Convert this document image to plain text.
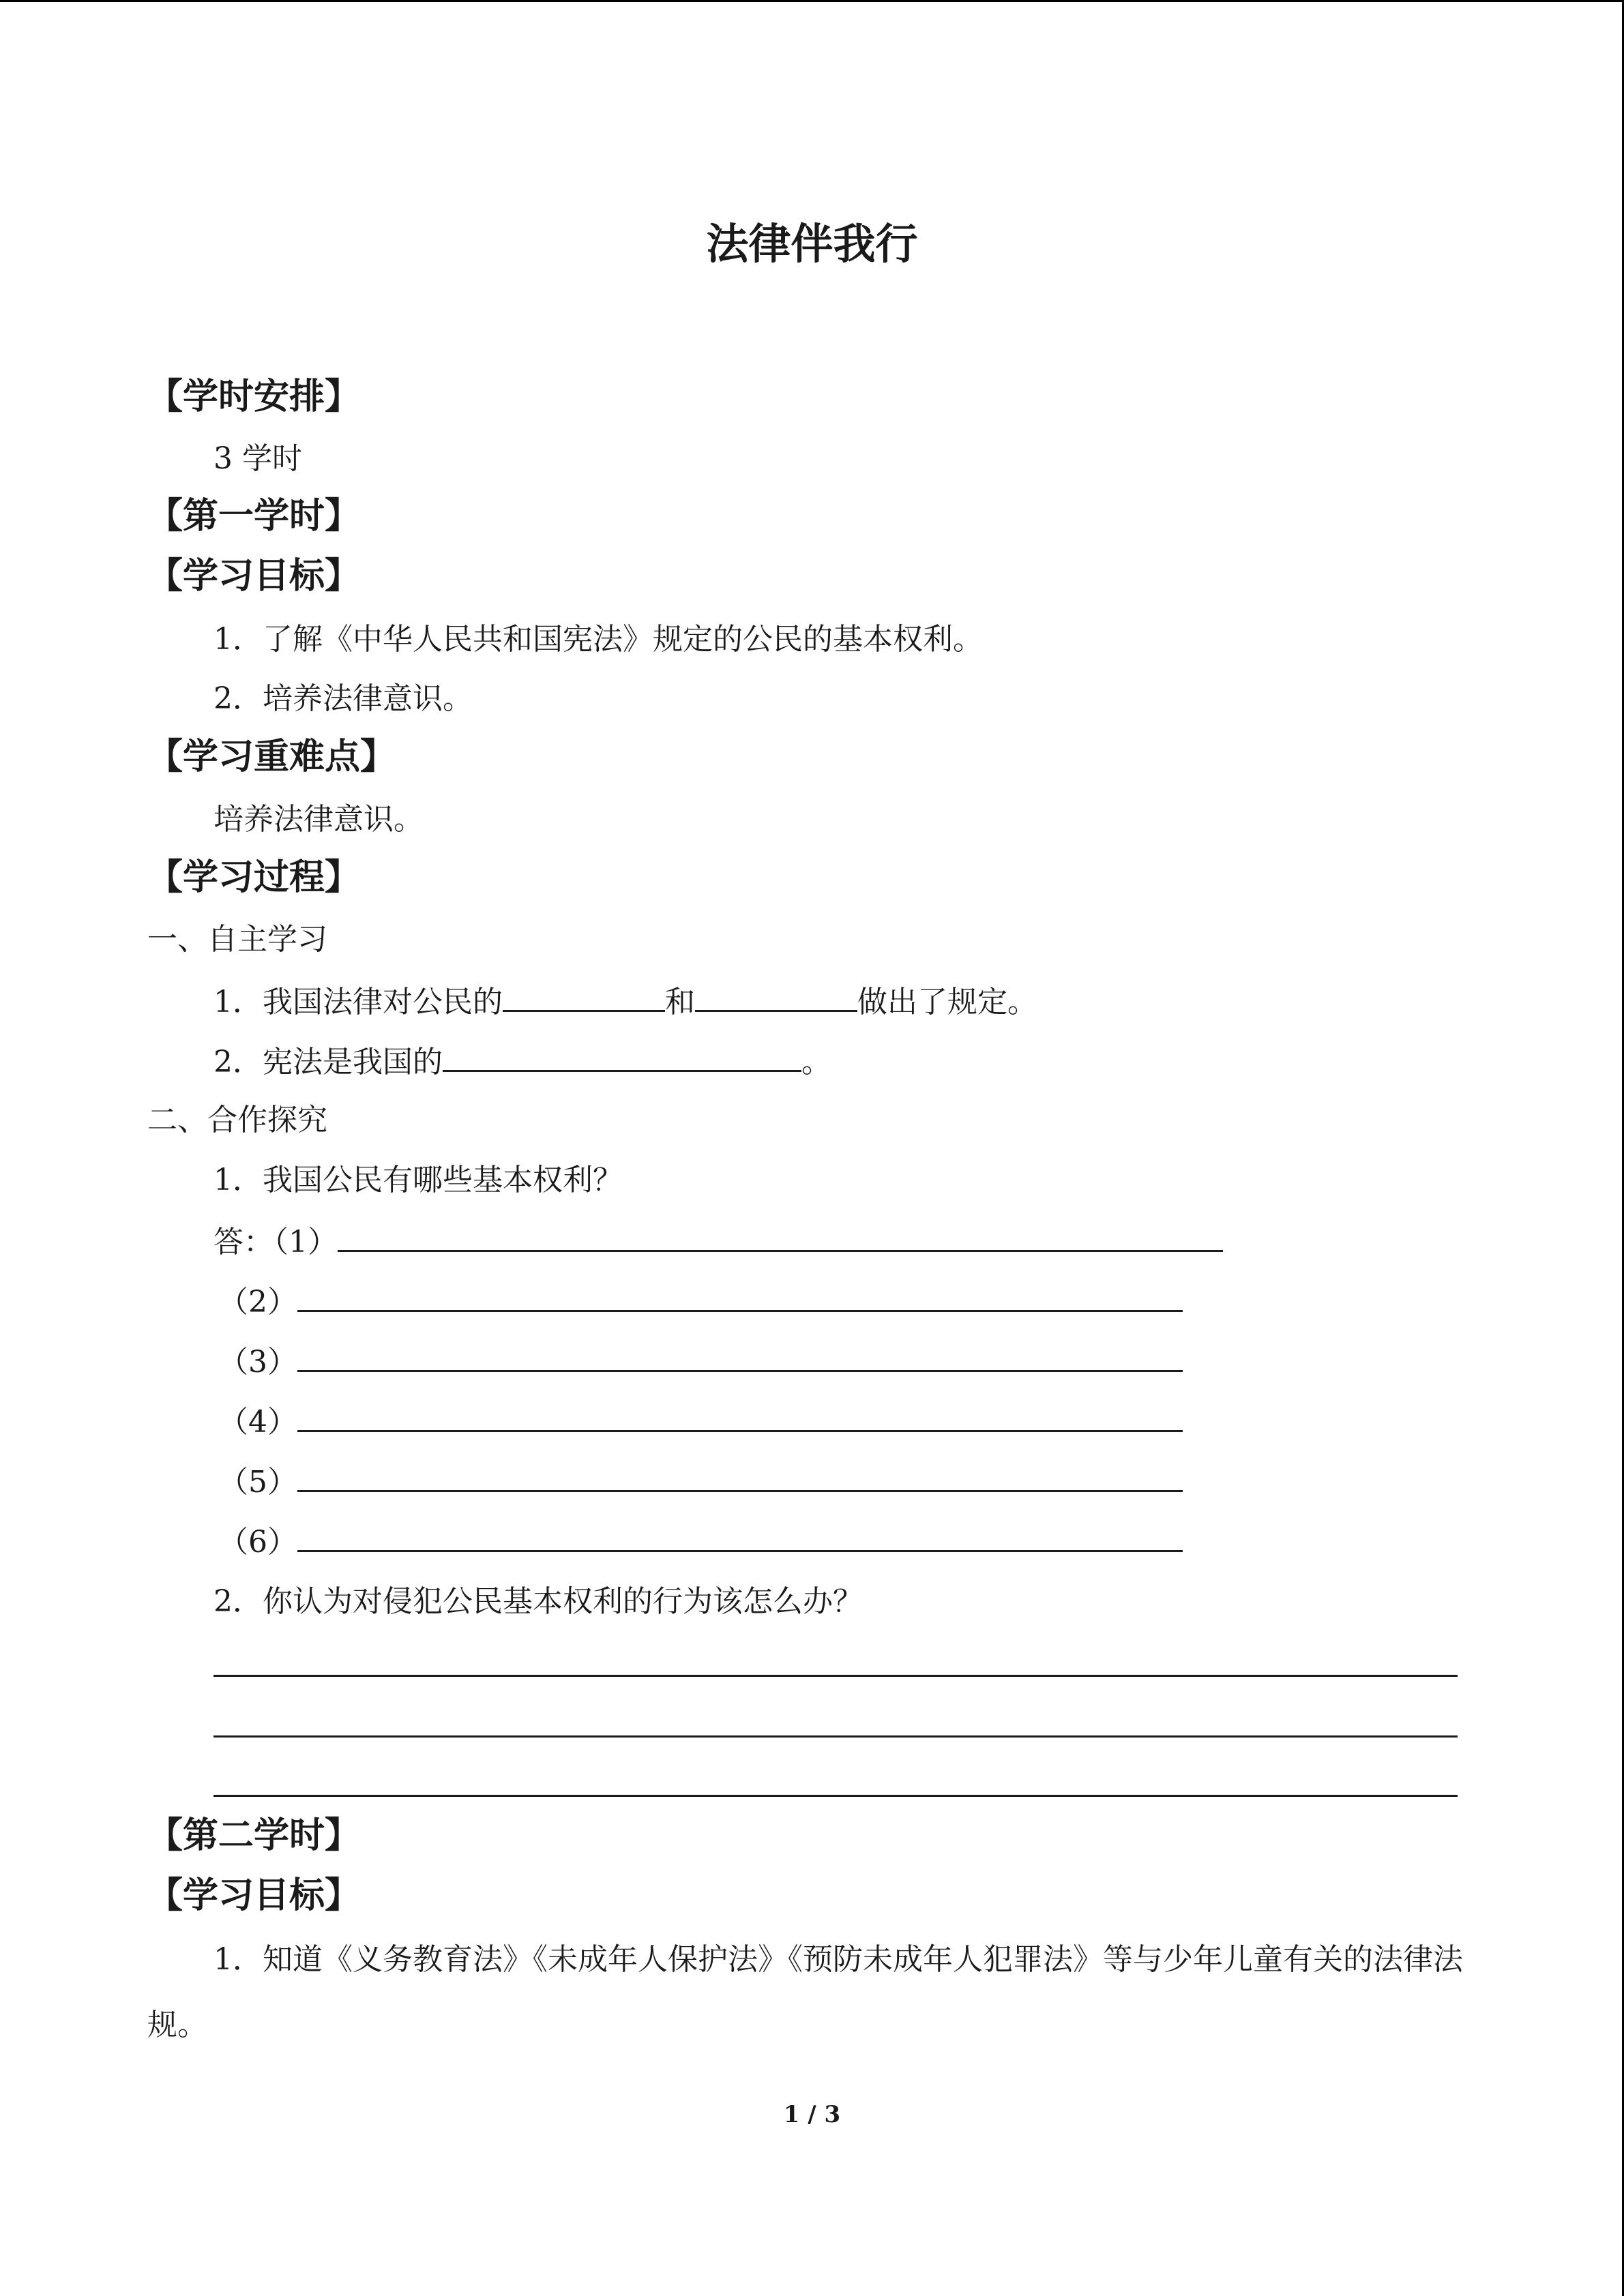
法律伴我行
【学时安排】
3 学时
【第一学时】
【学习目标】
1．了解《中华人民共和国宪法》规定的公民的基本权利。
2．培养法律意识。
【学习重难点】
培养法律意识。
【学习过程】
一、自主学习
1．我国法律对公民的	和	做出了规定。
2．宪法是我国的	。
二、合作探究
1．我国公民有哪些基本权利？
答：（1）
（2）
（3）
（4）
（5）
（6）
2．你认为对侵犯公民基本权利的行为该怎么办？
【第二学时】
【学习目标】
1．知道《义务教育法》《未成年人保护法》《预防未成年人犯罪法》等与少年儿童有关的法律法规。
1 / 3
